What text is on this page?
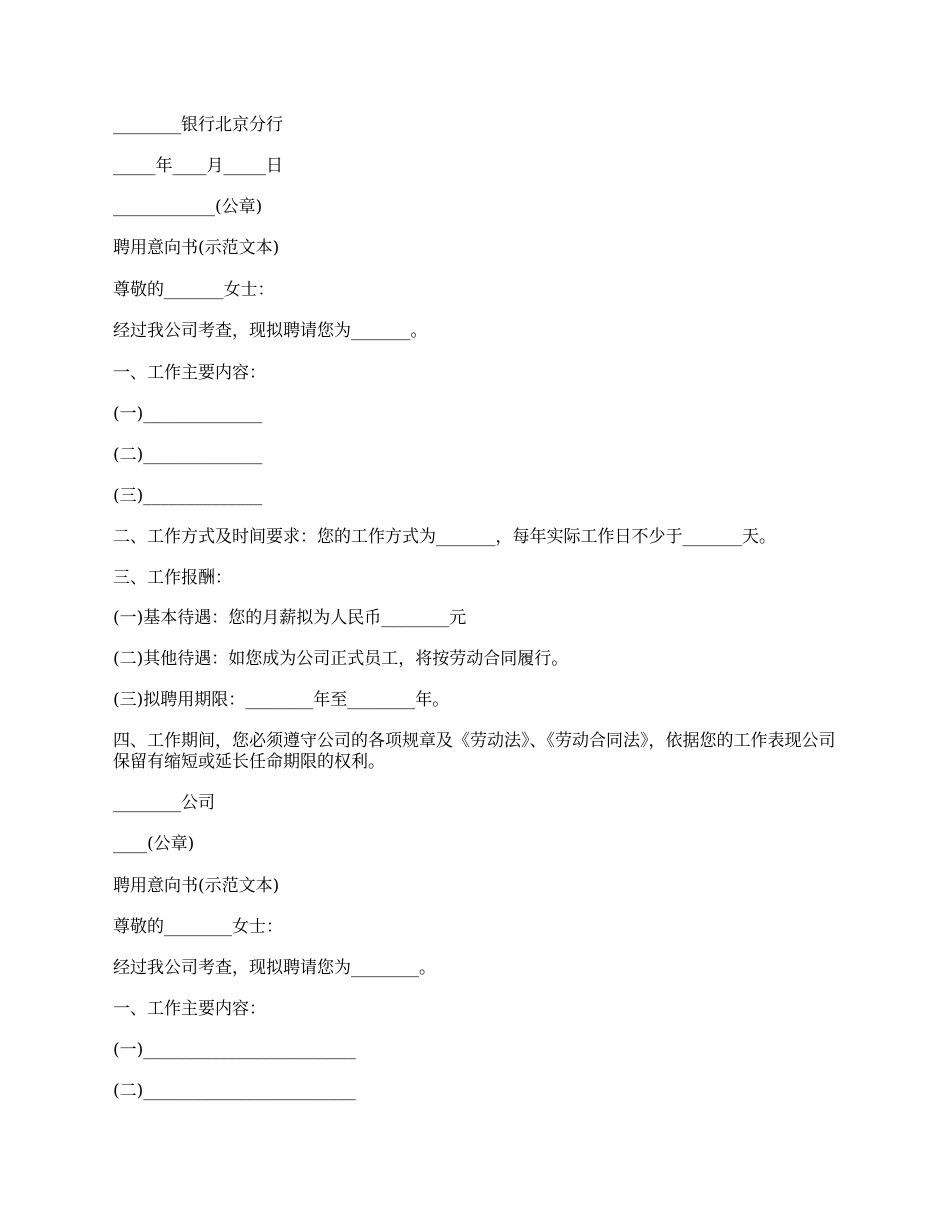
________银行北京分行
_____年____月_____日
____________(公章)
聘用意向书(示范文本)
尊敬的_______女士：
经过我公司考查，现拟聘请您为_______。
一、工作主要内容：
(一)______________
(二)______________
(三)______________
二、工作方式及时间要求：您的工作方式为_______，每年实际工作日不少于_______天。
三、工作报酬：
(一)基本待遇：您的月薪拟为人民币________元
(二)其他待遇：如您成为公司正式员工，将按劳动合同履行。
(三)拟聘用期限：________年至________年。
四、工作期间，您必须遵守公司的各项规章及《劳动法》、《劳动合同法》，依据您的工作表现公司保留有缩短或延长任命期限的权利。
________公司
____(公章)
聘用意向书(示范文本)
尊敬的________女士：
经过我公司考查，现拟聘请您为________。
一、工作主要内容：
(一)_________________________
(二)_________________________
